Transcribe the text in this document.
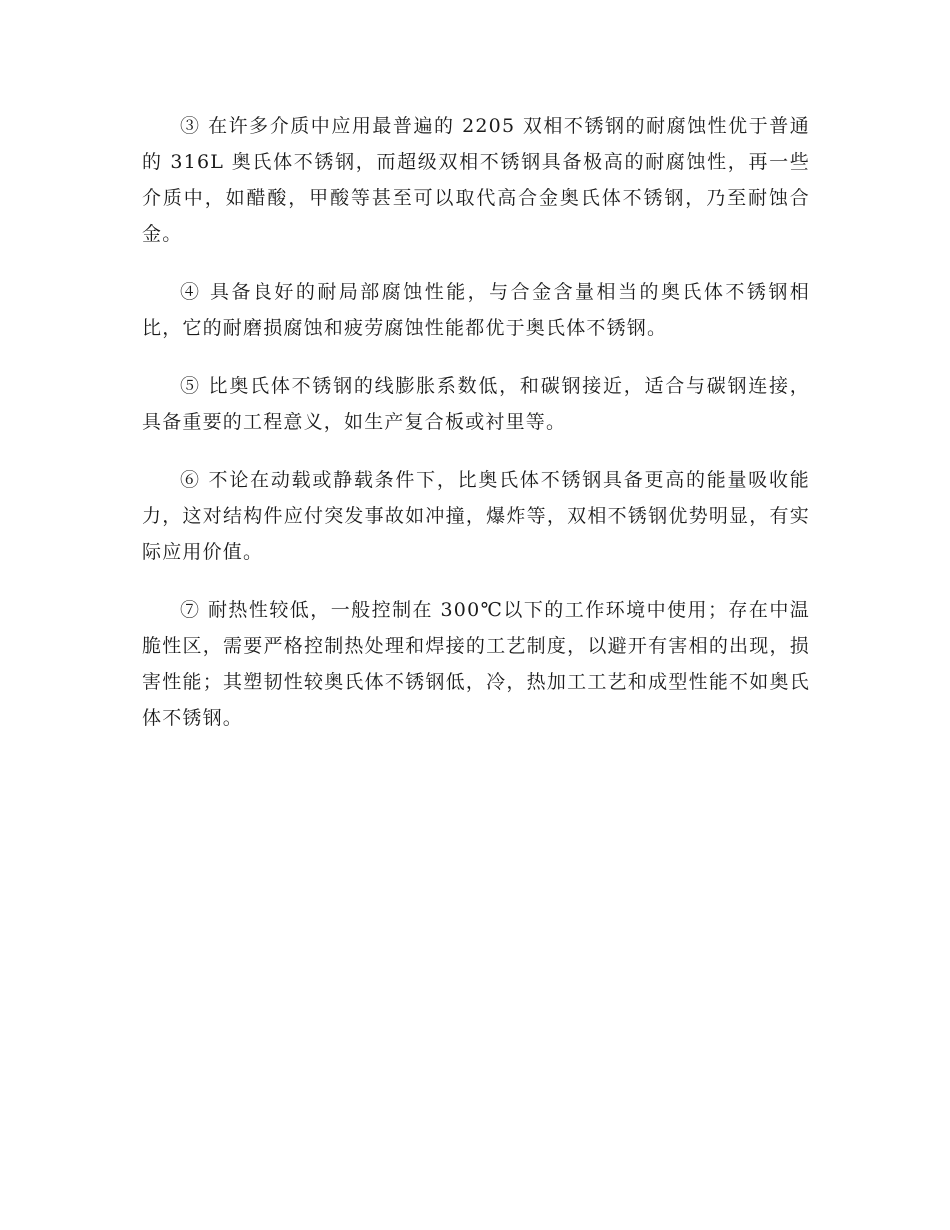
③ 在许多介质中应用最普遍的 2205 双相不锈钢的耐腐蚀性优于普通的 316L 奥氏体不锈钢，而超级双相不锈钢具备极高的耐腐蚀性，再一些介质中，如醋酸，甲酸等甚至可以取代高合金奥氏体不锈钢，乃至耐蚀合金。

④ 具备良好的耐局部腐蚀性能，与合金含量相当的奥氏体不锈钢相比，它的耐磨损腐蚀和疲劳腐蚀性能都优于奥氏体不锈钢。

⑤ 比奥氏体不锈钢的线膨胀系数低，和碳钢接近，适合与碳钢连接，具备重要的工程意义，如生产复合板或衬里等。

⑥ 不论在动载或静载条件下，比奥氏体不锈钢具备更高的能量吸收能力，这对结构件应付突发事故如冲撞，爆炸等，双相不锈钢优势明显，有实际应用价值。

⑦ 耐热性较低，一般控制在 300℃以下的工作环境中使用；存在中温脆性区，需要严格控制热处理和焊接的工艺制度，以避开有害相的出现，损害性能；其塑韧性较奥氏体不锈钢低，冷，热加工工艺和成型性能不如奥氏体不锈钢。
